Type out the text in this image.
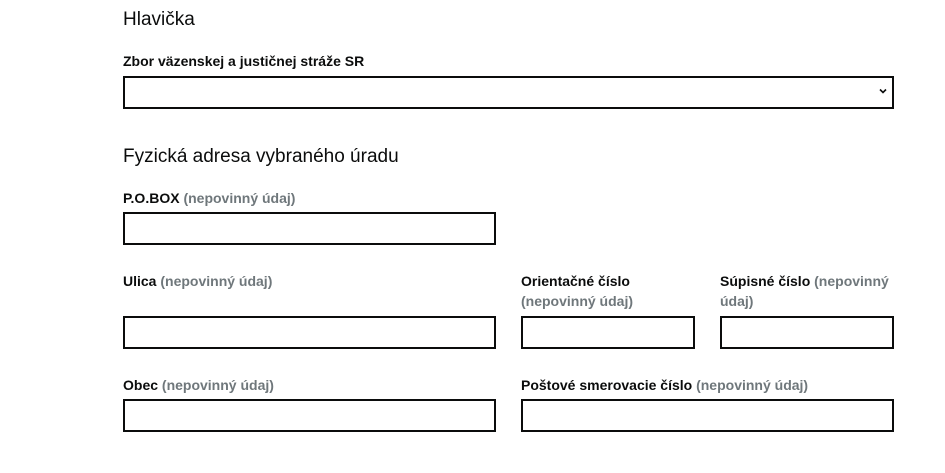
Hlavička
Zbor väzenskej a justičnej stráže SR
Fyzická adresa vybraného úradu
P.O.BOX (nepovinný údaj)
Ulica (nepovinný údaj)	Orientačné číslo
(nepovinný údaj)
Súpisné číslo (nepovinný údaj)
Obec (nepovinný údaj)	Poštové smerovacie číslo (nepovinný údaj)
